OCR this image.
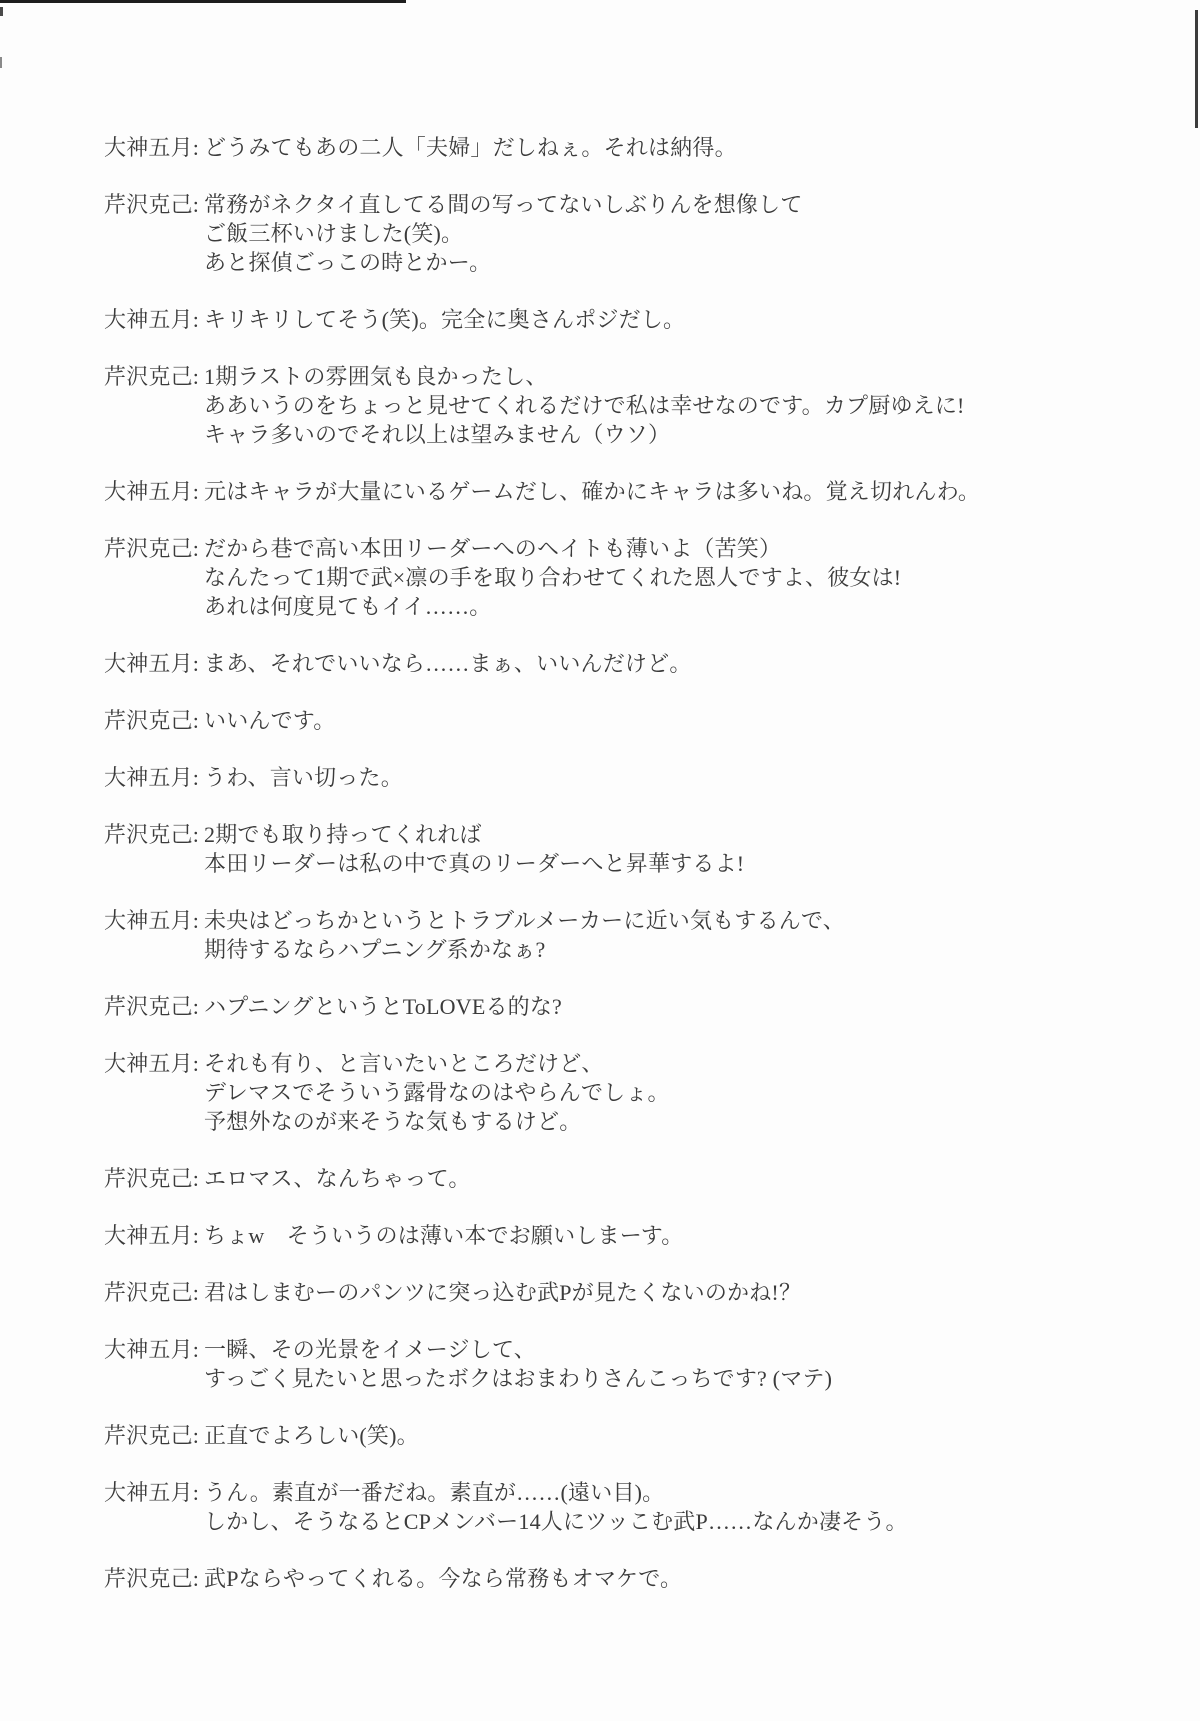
大神五月: どうみてもあの二人「夫婦」だしねぇ。それは納得。
芹沢克己: 常務がネクタイ直してる間の写ってないしぶりんを想像して
ご飯三杯いけました(笑)。
あと探偵ごっこの時とかー。
大神五月: キリキリしてそう(笑)。完全に奥さんポジだし。
芹沢克己: 1期ラストの雰囲気も良かったし、
ああいうのをちょっと見せてくれるだけで私は幸せなのです。カプ厨ゆえに!
キャラ多いのでそれ以上は望みません（ウソ）
大神五月: 元はキャラが大量にいるゲームだし、確かにキャラは多いね。覚え切れんわ。
芹沢克己: だから巷で高い本田リーダーへのヘイトも薄いよ（苦笑）
なんたって1期で武×凛の手を取り合わせてくれた恩人ですよ、彼女は!
あれは何度見てもイイ……。
大神五月: まあ、それでいいなら……まぁ、いいんだけど。
芹沢克己: いいんです。
大神五月: うわ、言い切った。
芹沢克己: 2期でも取り持ってくれれば
本田リーダーは私の中で真のリーダーへと昇華するよ!
大神五月: 未央はどっちかというとトラブルメーカーに近い気もするんで、
期待するならハプニング系かなぁ?
芹沢克己: ハプニングというとToLOVEる的な?
大神五月: それも有り、と言いたいところだけど、
デレマスでそういう露骨なのはやらんでしょ。
予想外なのが来そうな気もするけど。
芹沢克己: エロマス、なんちゃって。
大神五月: ちょw　そういうのは薄い本でお願いしまーす。
芹沢克己: 君はしまむーのパンツに突っ込む武Pが見たくないのかね!？
大神五月: 一瞬、その光景をイメージして、
すっごく見たいと思ったボクはおまわりさんこっちです? (マテ)
芹沢克己: 正直でよろしい(笑)。
大神五月: うん。素直が一番だね。素直が……(遠い目)。
しかし、そうなるとCPメンバー14人にツッこむ武P……なんか凄そう。
芹沢克己: 武Pならやってくれる。今なら常務もオマケで。
